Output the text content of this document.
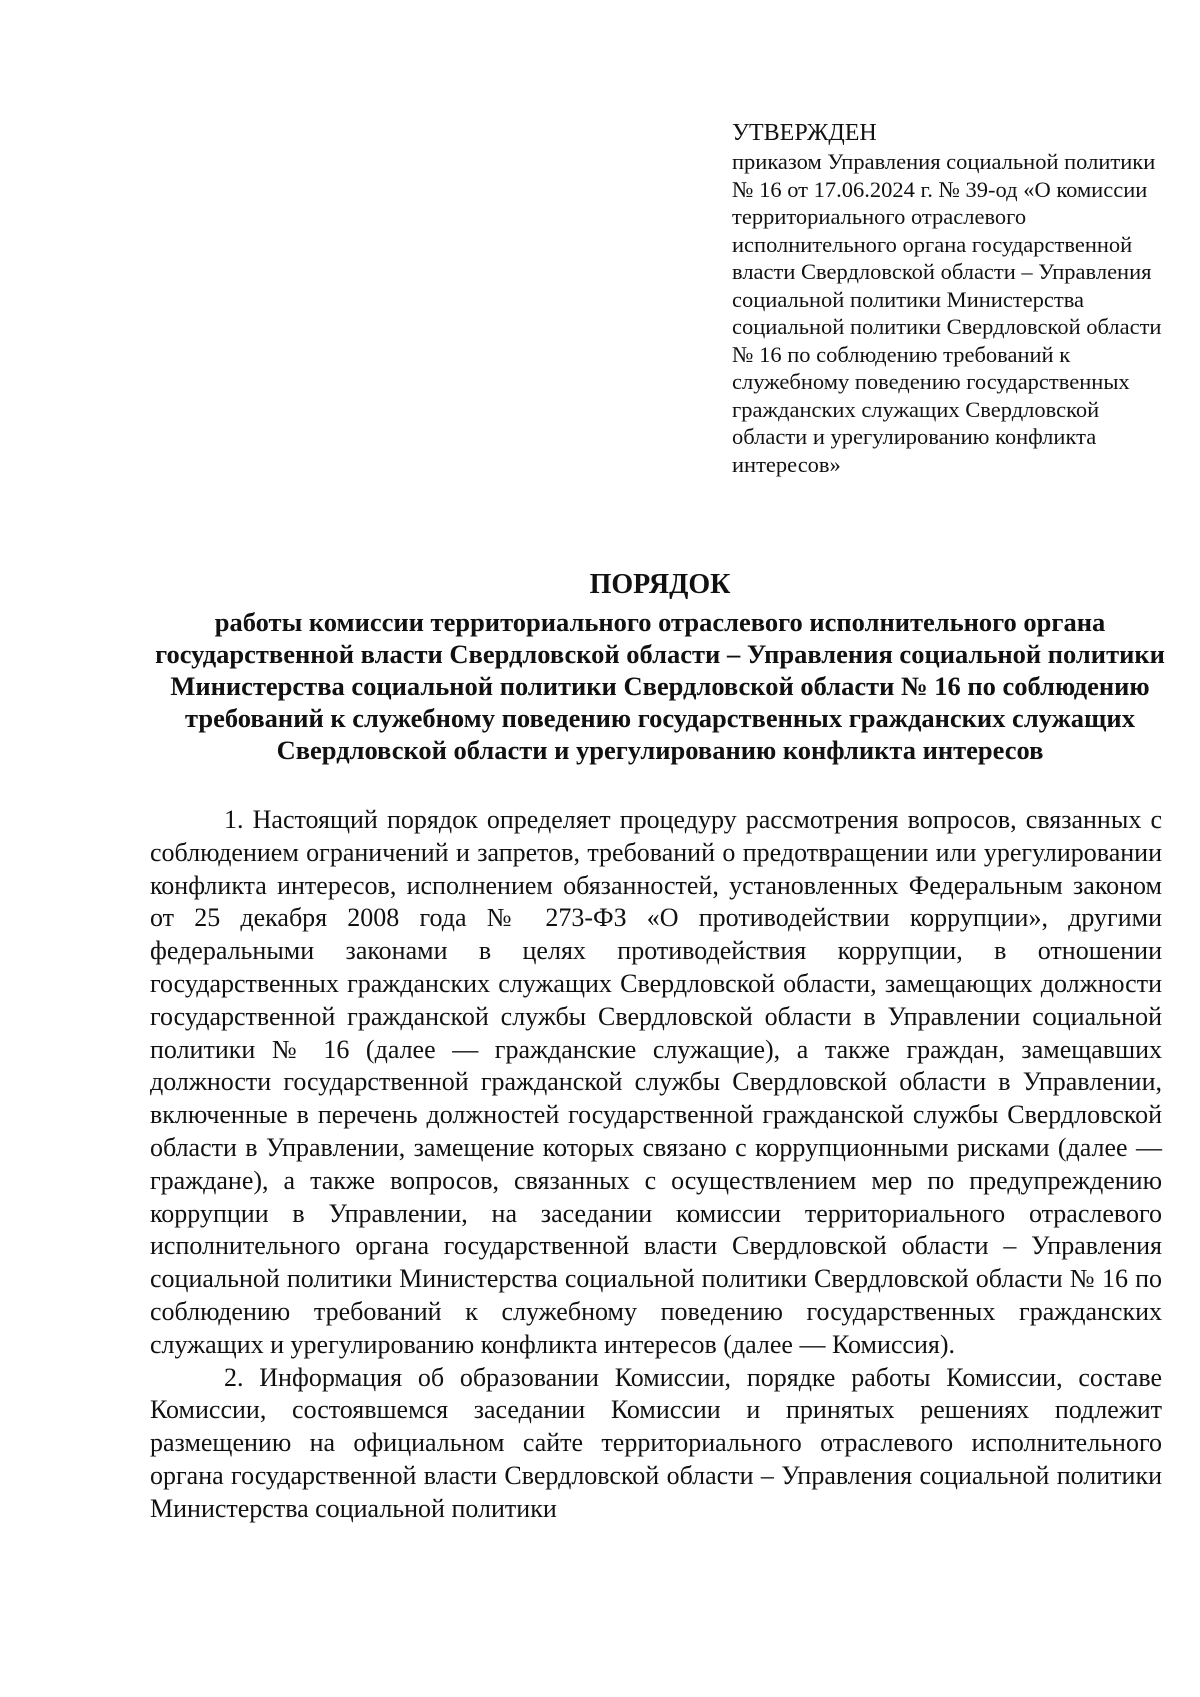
УТВЕРЖДЕН
приказом Управления социальной политики № 16 от 17.06.2024 г. № 39-од «О комиссии территориального отраслевого исполнительного органа государственной власти Свердловской области – Управления социальной политики Министерства социальной политики Свердловской области № 16 по соблюдению требований к служебному поведению государственных гражданских служащих Свердловской области и урегулированию конфликта интересов»
ПОРЯДОК
работы комиссии территориального отраслевого исполнительного органа государственной власти Свердловской области – Управления социальной политики Министерства социальной политики Свердловской области № 16 по соблюдению требований к служебному поведению государственных гражданских служащих Свердловской области и урегулированию конфликта интересов

1. Настоящий порядок определяет процедуру рассмотрения вопросов, связанных с соблюдением ограничений и запретов, требований о предотвращении или урегулировании конфликта интересов, исполнением обязанностей, установленных Федеральным законом от 25 декабря 2008 года № 273-ФЗ «О противодействии коррупции», другими федеральными законами в целях противодействия коррупции, в отношении государственных гражданских служащих Свердловской области, замещающих должности государственной гражданской службы Свердловской области в Управлении социальной политики № 16 (далее — гражданские служащие), а также граждан, замещавших должности государственной гражданской службы Свердловской области в Управлении, включенные в перечень должностей государственной гражданской службы Свердловской области в Управлении, замещение которых связано с коррупционными рисками (далее — граждане), а также вопросов, связанных с осуществлением мер по предупреждению коррупции в Управлении, на заседании комиссии территориального отраслевого исполнительного органа государственной власти Свердловской области – Управления социальной политики Министерства социальной политики Свердловской области № 16 по соблюдению требований к служебному поведению государственных гражданских служащих и урегулированию конфликта интересов (далее — Комиссия).

2. Информация об образовании Комиссии, порядке работы Комиссии, составе Комиссии, состоявшемся заседании Комиссии и принятых решениях подлежит размещению на официальном сайте территориального отраслевого исполнительного органа государственной власти Свердловской области – Управления социальной политики Министерства социальной политики
